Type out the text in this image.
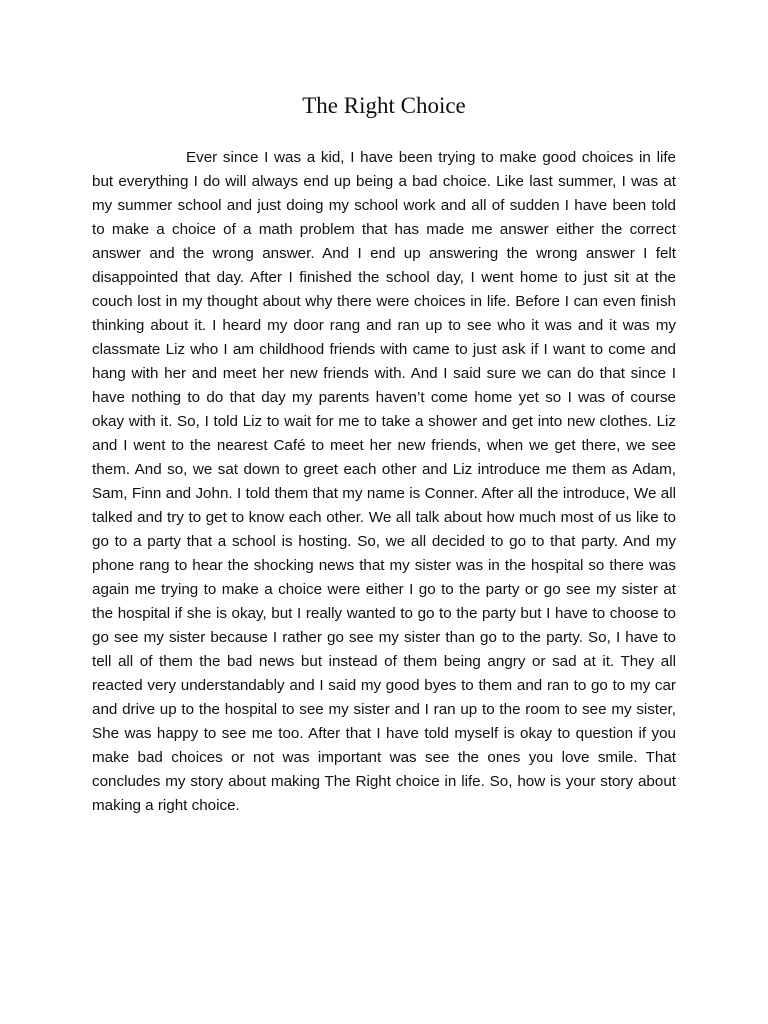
The Right Choice

Ever since I was a kid, I have been trying to make good choices in life but everything I do will always end up being a bad choice. Like last summer, I was at my summer school and just doing my school work and all of sudden I have been told to make a choice of a math problem that has made me answer either the correct answer and the wrong answer. And I end up answering the wrong answer I felt disappointed that day. After I finished the school day, I went home to just sit at the couch lost in my thought about why there were choices in life. Before I can even finish thinking about it. I heard my door rang and ran up to see who it was and it was my classmate Liz who I am childhood friends with came to just ask if I want to come and hang with her and meet her new friends with. And I said sure we can do that since I have nothing to do that day my parents haven’t come home yet so I was of course okay with it. So, I told Liz to wait for me to take a shower and get into new clothes. Liz and I went to the nearest Café to meet her new friends, when we get there, we see them. And so, we sat down to greet each other and Liz introduce me them as Adam, Sam, Finn and John. I told them that my name is Conner. After all the introduce, We all talked and try to get to know each other. We all talk about how much most of us like to go to a party that a school is hosting. So, we all decided to go to that party. And my phone rang to hear the shocking news that my sister was in the hospital so there was again me trying to make a choice were either I go to the party or go see my sister at the hospital if she is okay, but I really wanted to go to the party but I have to choose to go see my sister because I rather go see my sister than go to the party. So, I have to tell all of them the bad news but instead of them being angry or sad at it. They all reacted very understandably and I said my good byes to them and ran to go to my car and drive up to the hospital to see my sister and I ran up to the room to see my sister, She was happy to see me too. After that I have told myself is okay to question if you make bad choices or not was important was see the ones you love smile. That concludes my story about making The Right choice in life. So, how is your story about making a right choice.
